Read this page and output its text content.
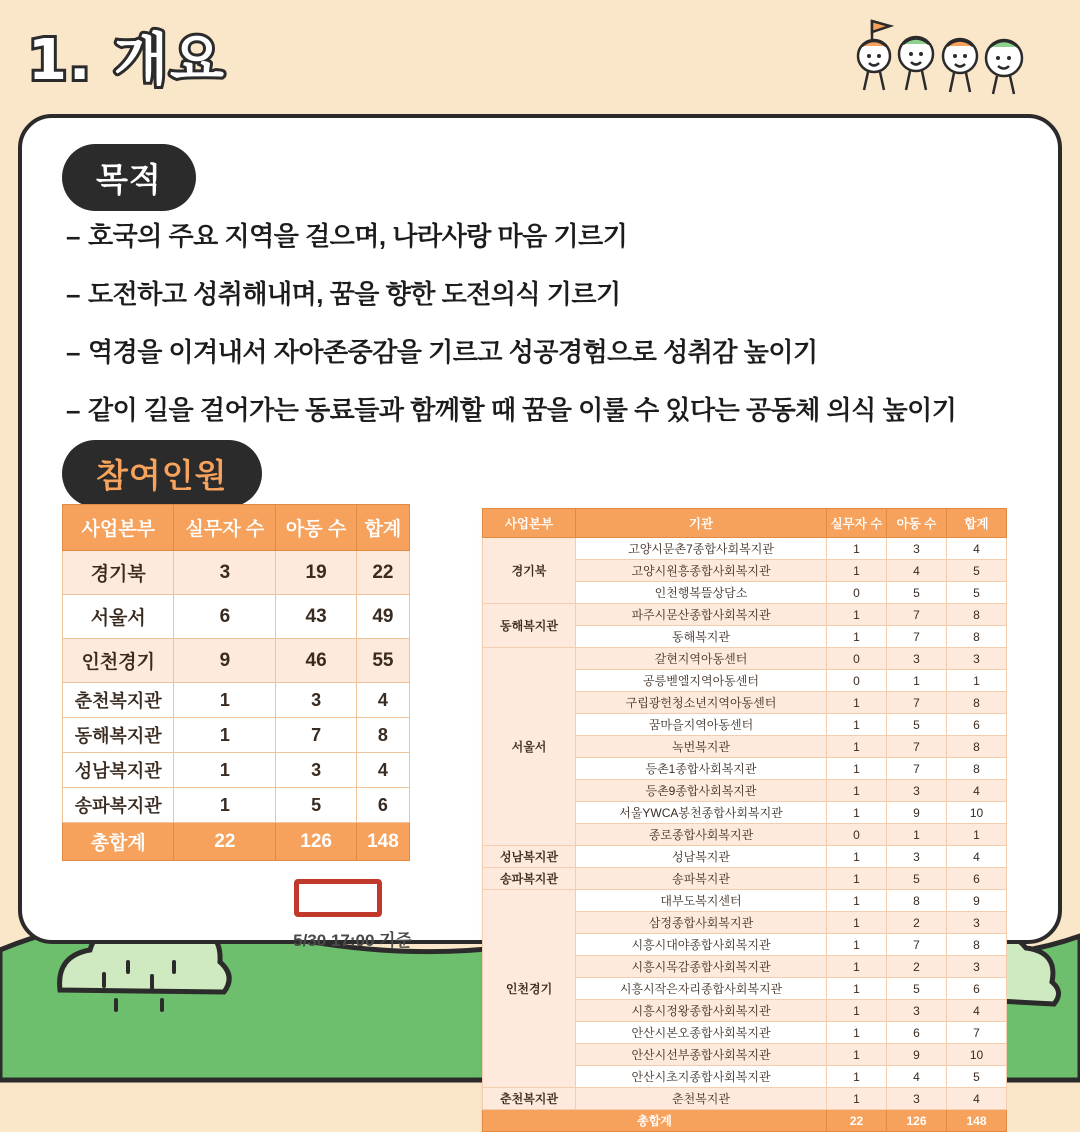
1. 개요
목적
– 호국의 주요 지역을 걸으며, 나라사랑 마음 기르기
– 도전하고 성취해내며, 꿈을 향한 도전의식 기르기
– 역경을 이겨내서 자아존중감을 기르고 성공경험으로 성취감 높이기
– 같이 길을 걸어가는 동료들과 함께할 때 꿈을 이룰 수 있다는 공동체 의식 높이기
참여인원
사업본부	실무자 수	아동 수	합계
경기북	3	19	22
서울서	6	43	49
인천경기	9	46	55
춘천복지관	1	3	4
동해복지관	1	7	8
성남복지관	1	3	4
송파복지관	1	5	6
총합계	22	126	148
5/30 17:00 기준
사업본부	기관	실무자 수	아동 수	합계
경기북	고양시문촌7종합사회복지관	1	3	4
	고양시원흥종합사회복지관	1	4	5
	인천행복뜰상담소	0	5	5
동해복지관	파주시문산종합사회복지관	1	7	8
	동해복지관	1	7	8
서울서	갈현지역아동센터	0	3	3
	공릉벧엘지역아동센터	0	1	1
	구립광헌청소년지역아동센터	1	7	8
	꿈마을지역아동센터	1	5	6
	녹번복지관	1	7	8
	등촌1종합사회복지관	1	7	8
	등촌9종합사회복지관	1	3	4
	서울YWCA봉천종합사회복지관	1	9	10
	종로종합사회복지관	0	1	1
성남복지관	성남복지관	1	3	4
송파복지관	송파복지관	1	5	6
인천경기	대부도복지센터	1	8	9
	삼정종합사회복지관	1	2	3
	시흥시대야종합사회복지관	1	7	8
	시흥시목감종합사회복지관	1	2	3
	시흥시작은자리종합사회복지관	1	5	6
	시흥시정왕종합사회복지관	1	3	4
	안산시본오종합사회복지관	1	6	7
	안산시선부종합사회복지관	1	9	10
	안산시초지종합사회복지관	1	4	5
춘천복지관	춘천복지관	1	3	4
총합계		22	126	148
